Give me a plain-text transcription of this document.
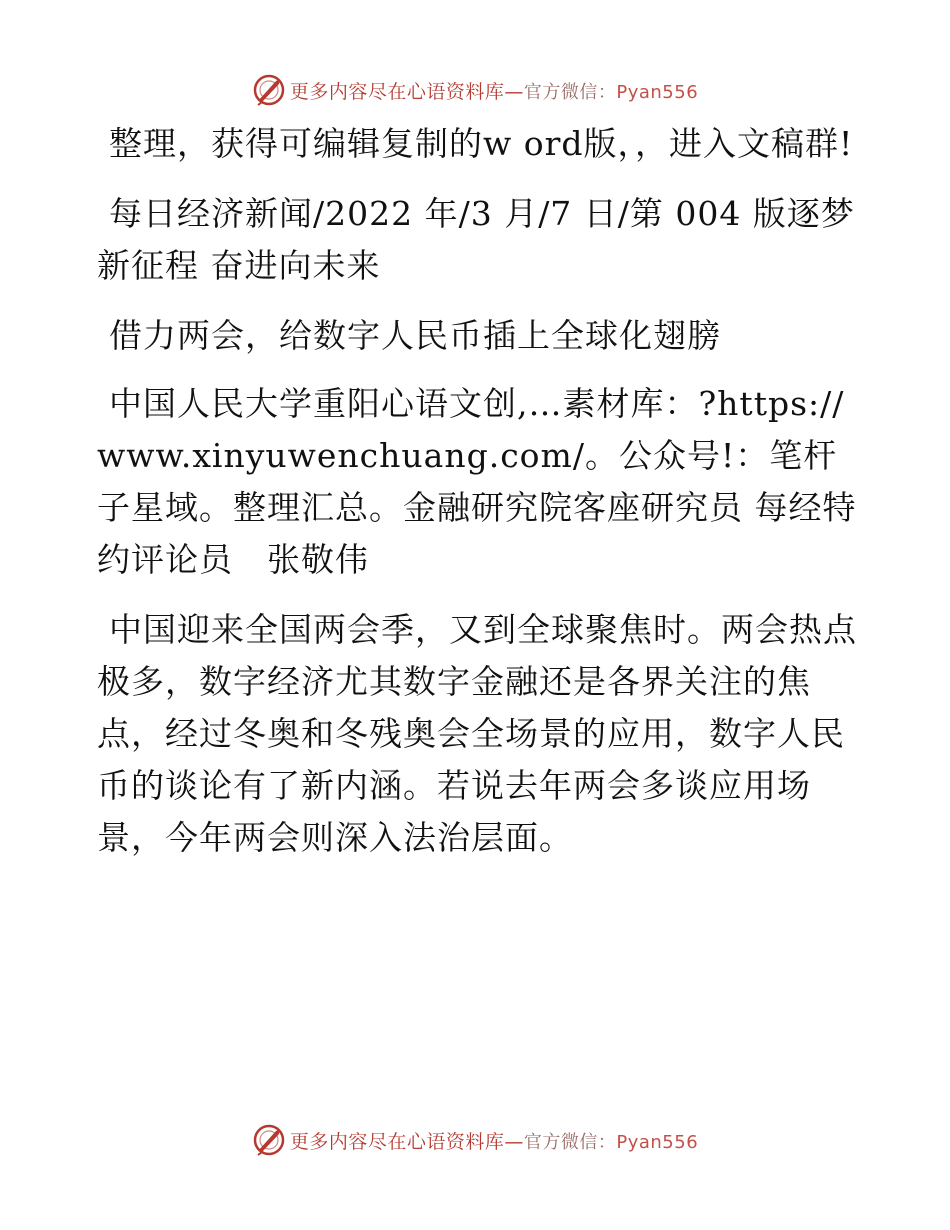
更多内容尽在心语资料库—官方微信：Pyan556

整理，获得可编辑复制的w ord版，，进入文稿群!

每日经济新闻/2022 年/3 月/7 日/第 004 版逐梦新征程 奋进向未来

借力两会，给数字人民币插上全球化翅膀

中国人民大学重阳心语文创,…素材库：?https://www.xinyuwenchuang.com/。公众号!：笔杆子星域。整理汇总。金融研究院客座研究员 每经特约评论员　张敬伟

中国迎来全国两会季，又到全球聚焦时。两会热点极多，数字经济尤其数字金融还是各界关注的焦点，经过冬奥和冬残奥会全场景的应用，数字人民币的谈论有了新内涵。若说去年两会多谈应用场景，今年两会则深入法治层面。

更多内容尽在心语资料库—官方微信：Pyan556
